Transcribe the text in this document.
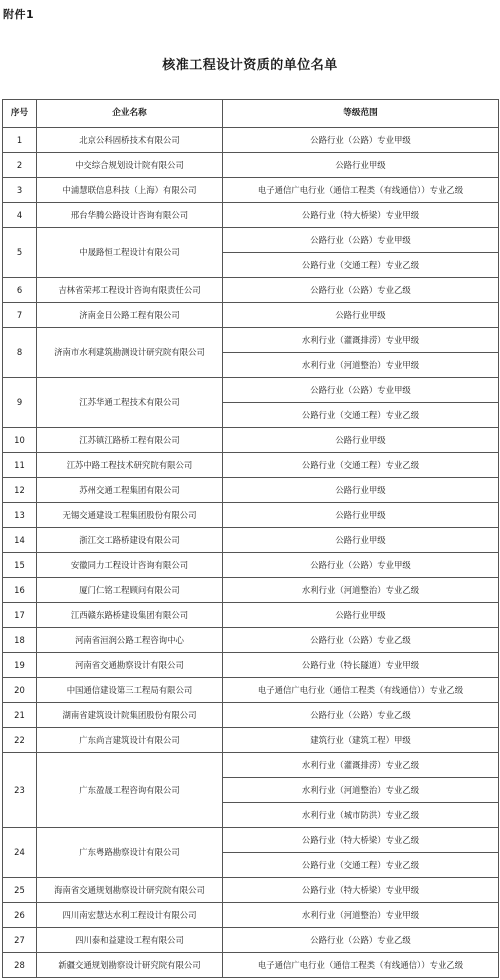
附件1
核准工程设计资质的单位名单
序号	企业名称	等级范围
1	北京公科固桥技术有限公司	公路行业（公路）专业甲级
2	中交综合规划设计院有限公司	公路行业甲级
3	中浦慧联信息科技（上海）有限公司	电子通信广电行业（通信工程类（有线通信））专业乙级
4	邢台华腾公路设计咨询有限公司	公路行业（特大桥梁）专业甲级
5	中晟路恒工程设计有限公司	公路行业（公路）专业甲级
		公路行业（交通工程）专业乙级
6	吉林省荣邦工程设计咨询有限责任公司	公路行业（公路）专业乙级
7	济南金日公路工程有限公司	公路行业甲级
8	济南市水利建筑勘测设计研究院有限公司	水利行业（灌溉排涝）专业甲级
		水利行业（河道整治）专业甲级
9	江苏华通工程技术有限公司	公路行业（公路）专业甲级
		公路行业（交通工程）专业乙级
10	江苏镇江路桥工程有限公司	公路行业甲级
11	江苏中路工程技术研究院有限公司	公路行业（交通工程）专业乙级
12	苏州交通工程集团有限公司	公路行业甲级
13	无锡交通建设工程集团股份有限公司	公路行业甲级
14	浙江交工路桥建设有限公司	公路行业甲级
15	安徽同力工程设计咨询有限公司	公路行业（公路）专业甲级
16	厦门仁铭工程顾问有限公司	水利行业（河道整治）专业乙级
17	江西赣东路桥建设集团有限公司	公路行业甲级
18	河南省洹润公路工程咨询中心	公路行业（公路）专业乙级
19	河南省交通勘察设计有限公司	公路行业（特长隧道）专业甲级
20	中国通信建设第三工程局有限公司	电子通信广电行业（通信工程类（有线通信））专业乙级
21	湖南省建筑设计院集团股份有限公司	公路行业（公路）专业乙级
22	广东尚言建筑设计有限公司	建筑行业（建筑工程）甲级
23	广东盈晟工程咨询有限公司	水利行业（灌溉排涝）专业乙级
		水利行业（河道整治）专业乙级
		水利行业（城市防洪）专业乙级
24	广东粤路勘察设计有限公司	公路行业（特大桥梁）专业乙级
		公路行业（交通工程）专业乙级
25	海南省交通规划勘察设计研究院有限公司	公路行业（特大桥梁）专业甲级
26	四川南宏慧达水利工程设计有限公司	水利行业（河道整治）专业甲级
27	四川泰和益建设工程有限公司	公路行业（公路）专业乙级
28	新疆交通规划勘察设计研究院有限公司	电子通信广电行业（通信工程类（有线通信））专业乙级
